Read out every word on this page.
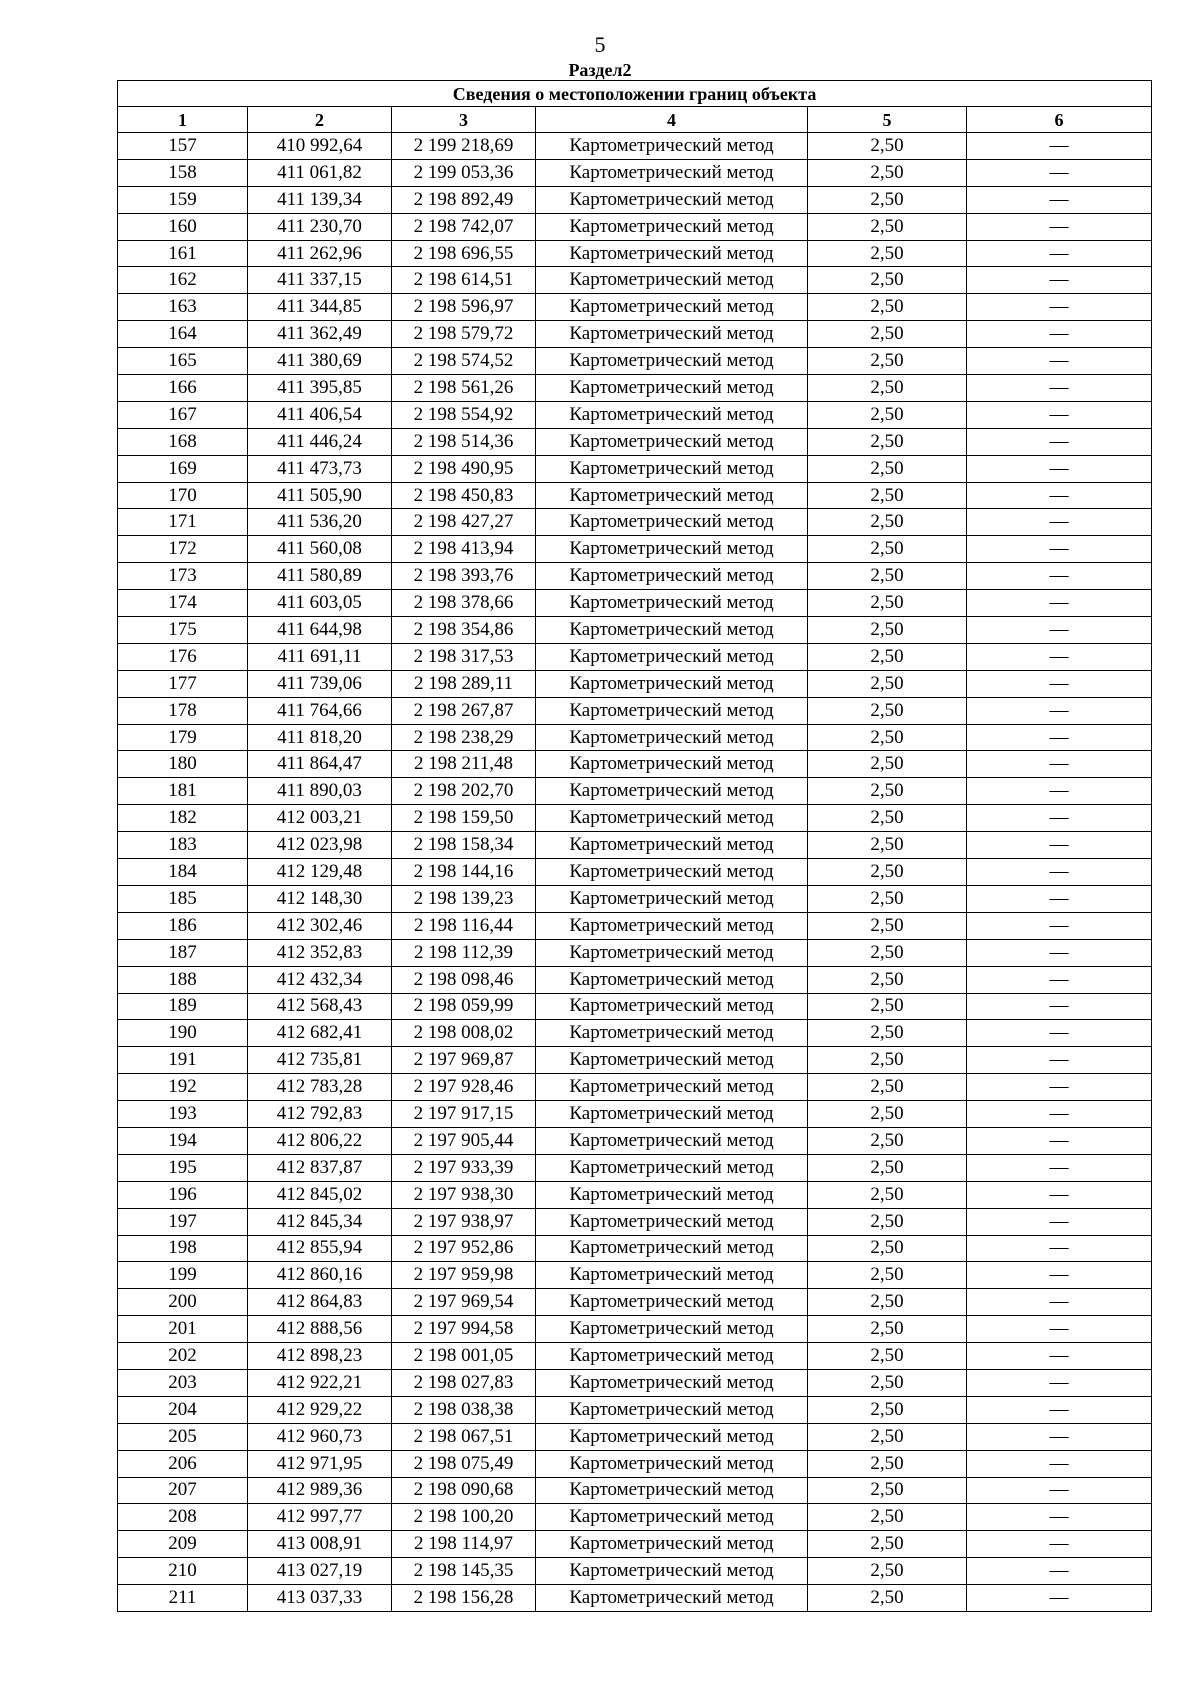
5
Раздел2
Сведения о местоположении границ объекта					
1	2	3	4	5	6
157	410 992,64	2 199 218,69	Картометрический метод	2,50	—
158	411 061,82	2 199 053,36	Картометрический метод	2,50	—
159	411 139,34	2 198 892,49	Картометрический метод	2,50	—
160	411 230,70	2 198 742,07	Картометрический метод	2,50	—
161	411 262,96	2 198 696,55	Картометрический метод	2,50	—
162	411 337,15	2 198 614,51	Картометрический метод	2,50	—
163	411 344,85	2 198 596,97	Картометрический метод	2,50	—
164	411 362,49	2 198 579,72	Картометрический метод	2,50	—
165	411 380,69	2 198 574,52	Картометрический метод	2,50	—
166	411 395,85	2 198 561,26	Картометрический метод	2,50	—
167	411 406,54	2 198 554,92	Картометрический метод	2,50	—
168	411 446,24	2 198 514,36	Картометрический метод	2,50	—
169	411 473,73	2 198 490,95	Картометрический метод	2,50	—
170	411 505,90	2 198 450,83	Картометрический метод	2,50	—
171	411 536,20	2 198 427,27	Картометрический метод	2,50	—
172	411 560,08	2 198 413,94	Картометрический метод	2,50	—
173	411 580,89	2 198 393,76	Картометрический метод	2,50	—
174	411 603,05	2 198 378,66	Картометрический метод	2,50	—
175	411 644,98	2 198 354,86	Картометрический метод	2,50	—
176	411 691,11	2 198 317,53	Картометрический метод	2,50	—
177	411 739,06	2 198 289,11	Картометрический метод	2,50	—
178	411 764,66	2 198 267,87	Картометрический метод	2,50	—
179	411 818,20	2 198 238,29	Картометрический метод	2,50	—
180	411 864,47	2 198 211,48	Картометрический метод	2,50	—
181	411 890,03	2 198 202,70	Картометрический метод	2,50	—
182	412 003,21	2 198 159,50	Картометрический метод	2,50	—
183	412 023,98	2 198 158,34	Картометрический метод	2,50	—
184	412 129,48	2 198 144,16	Картометрический метод	2,50	—
185	412 148,30	2 198 139,23	Картометрический метод	2,50	—
186	412 302,46	2 198 116,44	Картометрический метод	2,50	—
187	412 352,83	2 198 112,39	Картометрический метод	2,50	—
188	412 432,34	2 198 098,46	Картометрический метод	2,50	—
189	412 568,43	2 198 059,99	Картометрический метод	2,50	—
190	412 682,41	2 198 008,02	Картометрический метод	2,50	—
191	412 735,81	2 197 969,87	Картометрический метод	2,50	—
192	412 783,28	2 197 928,46	Картометрический метод	2,50	—
193	412 792,83	2 197 917,15	Картометрический метод	2,50	—
194	412 806,22	2 197 905,44	Картометрический метод	2,50	—
195	412 837,87	2 197 933,39	Картометрический метод	2,50	—
196	412 845,02	2 197 938,30	Картометрический метод	2,50	—
197	412 845,34	2 197 938,97	Картометрический метод	2,50	—
198	412 855,94	2 197 952,86	Картометрический метод	2,50	—
199	412 860,16	2 197 959,98	Картометрический метод	2,50	—
200	412 864,83	2 197 969,54	Картометрический метод	2,50	—
201	412 888,56	2 197 994,58	Картометрический метод	2,50	—
202	412 898,23	2 198 001,05	Картометрический метод	2,50	—
203	412 922,21	2 198 027,83	Картометрический метод	2,50	—
204	412 929,22	2 198 038,38	Картометрический метод	2,50	—
205	412 960,73	2 198 067,51	Картометрический метод	2,50	—
206	412 971,95	2 198 075,49	Картометрический метод	2,50	—
207	412 989,36	2 198 090,68	Картометрический метод	2,50	—
208	412 997,77	2 198 100,20	Картометрический метод	2,50	—
209	413 008,91	2 198 114,97	Картометрический метод	2,50	—
210	413 027,19	2 198 145,35	Картометрический метод	2,50	—
211	413 037,33	2 198 156,28	Картометрический метод	2,50	—
